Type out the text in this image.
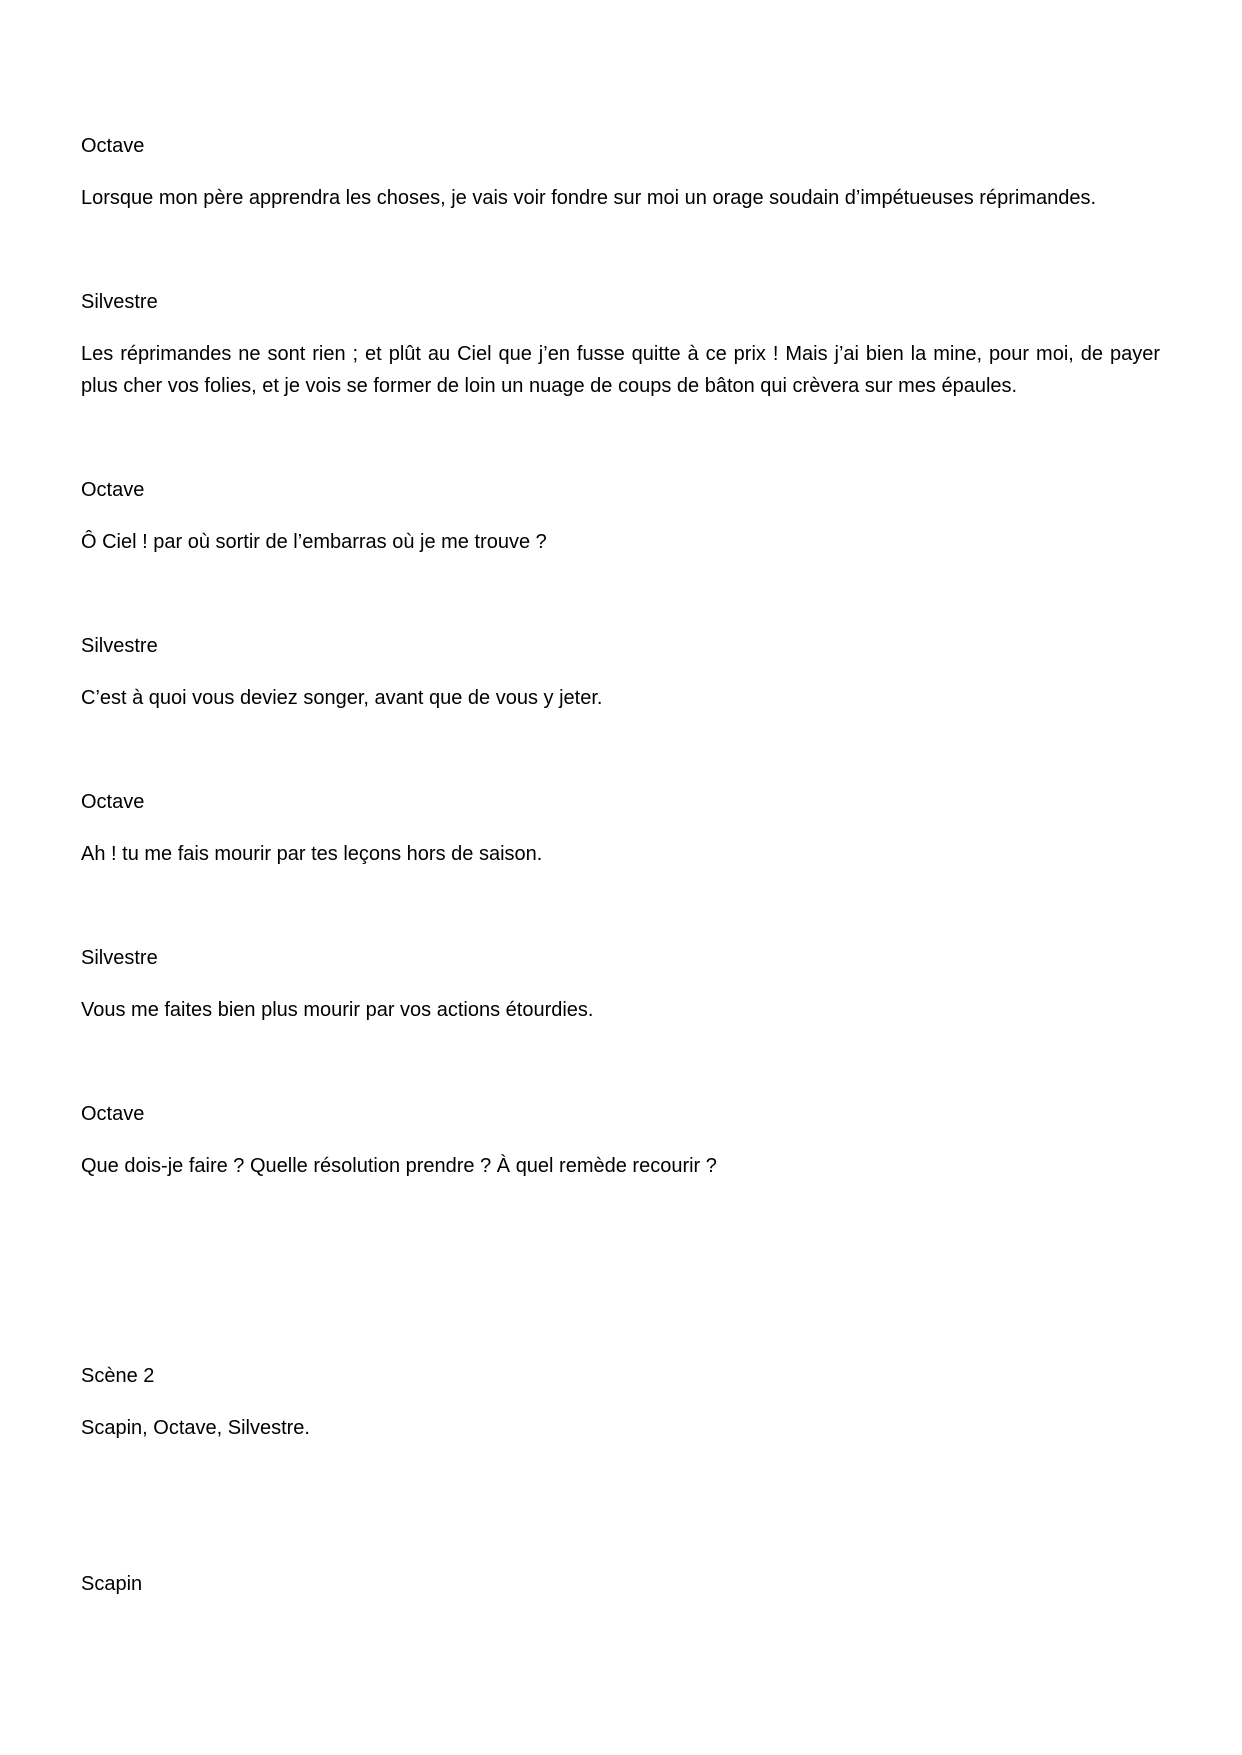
Octave
Lorsque mon père apprendra les choses, je vais voir fondre sur moi un orage soudain d’impétueuses réprimandes.
Silvestre
Les réprimandes ne sont rien ; et plût au Ciel que j’en fusse quitte à ce prix ! Mais j’ai bien la mine, pour moi, de payer plus cher vos folies, et je vois se former de loin un nuage de coups de bâton qui crèvera sur mes épaules.
Octave
Ô Ciel ! par où sortir de l’embarras où je me trouve ?
Silvestre
C’est à quoi vous deviez songer, avant que de vous y jeter.
Octave
Ah ! tu me fais mourir par tes leçons hors de saison.
Silvestre
Vous me faites bien plus mourir par vos actions étourdies.
Octave
Que dois-je faire ? Quelle résolution prendre ? À quel remède recourir ?
Scène 2
Scapin, Octave, Silvestre.
Scapin
